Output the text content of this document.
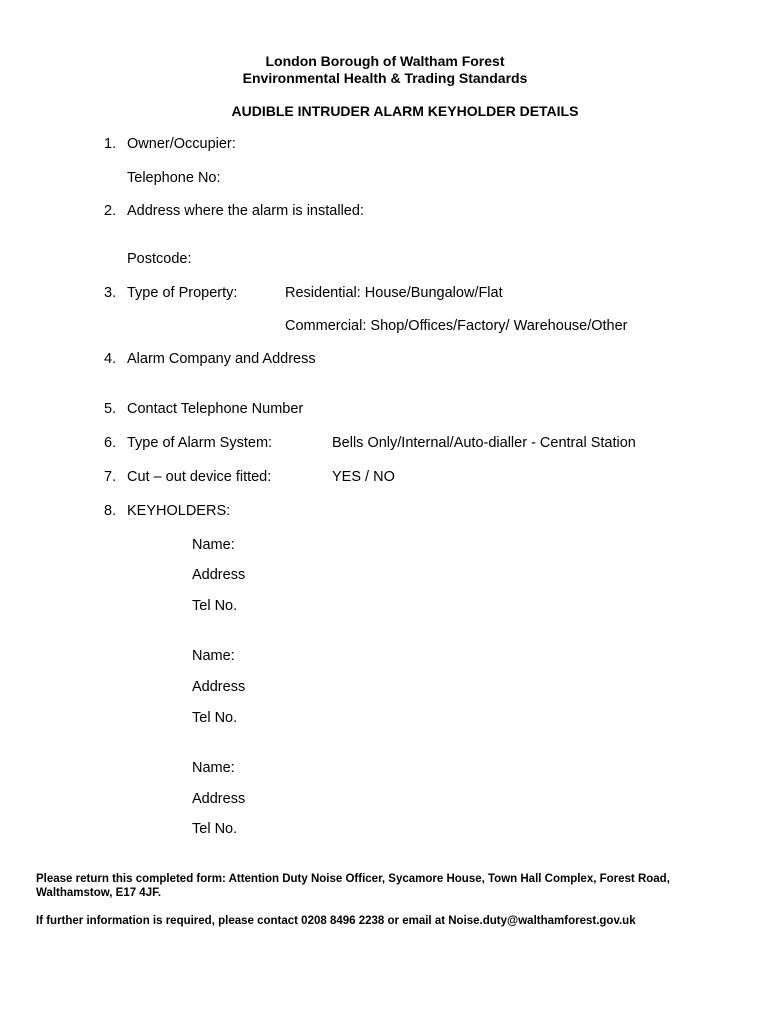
London Borough of Waltham Forest
Environmental Health & Trading Standards
AUDIBLE INTRUDER ALARM KEYHOLDER DETAILS
1. Owner/Occupier:
Telephone No:
2. Address where the alarm is installed:
Postcode:
3. Type of Property:	Residential: House/Bungalow/Flat
Commercial: Shop/Offices/Factory/ Warehouse/Other
4. Alarm Company and Address
5. Contact Telephone Number
6. Type of Alarm System:	Bells Only/Internal/Auto-dialler - Central Station
7. Cut – out device fitted:	YES / NO
8. KEYHOLDERS:
Name:
Address
Tel No.
Name:
Address
Tel No.
Name:
Address
Tel No.
Please return this completed form: Attention Duty Noise Officer, Sycamore House, Town Hall Complex, Forest Road, Walthamstow, E17 4JF.
If further information is required, please contact 0208 8496 2238 or email at Noise.duty@walthamforest.gov.uk
